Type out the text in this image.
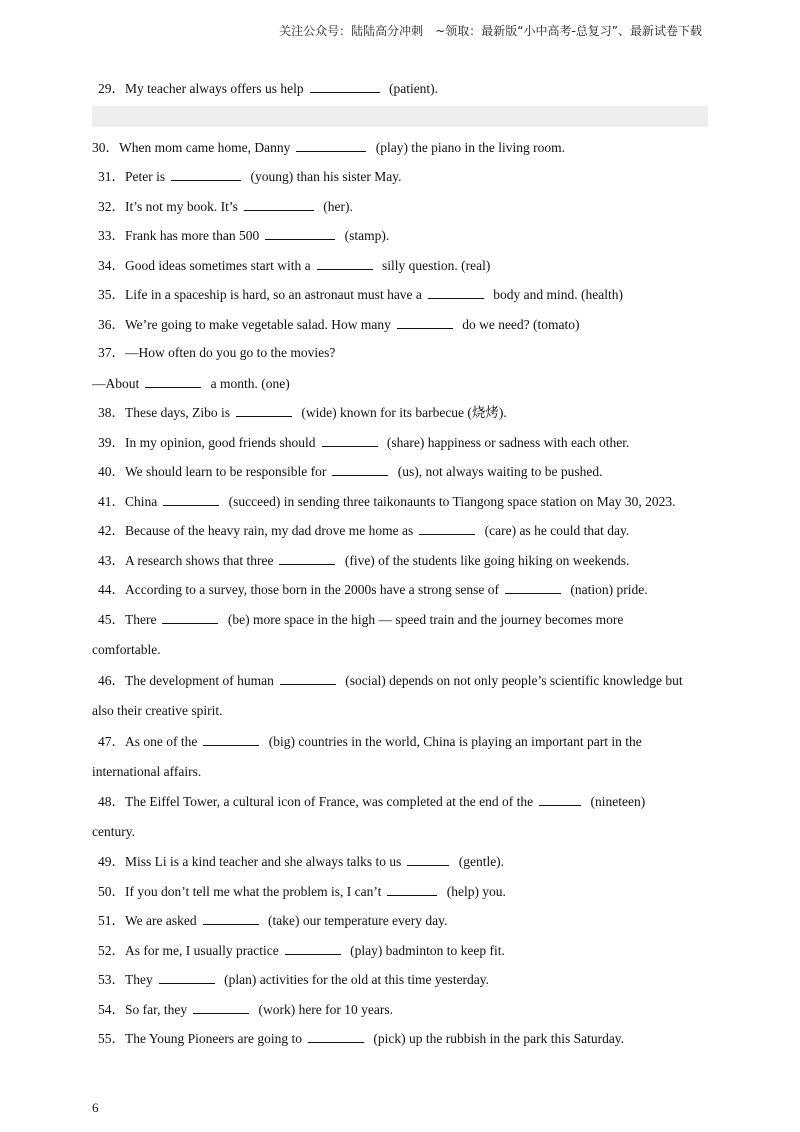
关注公众号：陆陆高分冲刺　~领取：最新版“小中高考-总复习”、最新试卷下载
29．My teacher always offers us help	(patient).
30．When mom came home, Danny	(play) the piano in the living room.
31．Peter is	(young) than his sister May.
32．It’s not my book. It’s	(her).
33．Frank has more than 500	(stamp).
34．Good ideas sometimes start with a	silly question. (real)
35．Life in a spaceship is hard, so an astronaut must have a	body and mind. (health)
36．We’re going to make vegetable salad. How many	do we need? (tomato)
37．—How often do you go to the movies?
—About	a month. (one)
38．These days, Zibo is	(wide) known for its barbecue (烧烤).
39．In my opinion, good friends should	(share) happiness or sadness with each other.
40．We should learn to be responsible for	(us), not always waiting to be pushed.
41．China	(succeed) in sending three taikonaunts to Tiangong space station on May 30, 2023.
42．Because of the heavy rain, my dad drove me home as	(care) as he could that day.
43．A research shows that three	(five) of the students like going hiking on weekends.
44．According to a survey, those born in the 2000s have a strong sense of	(nation) pride.
45．There	(be) more space in the high — speed train and the journey becomes more
comfortable.
46．The development of human	(social) depends on not only people’s scientific knowledge but
also their creative spirit.
47．As one of the	(big) countries in the world, China is playing an important part in the
international affairs.
48．The Eiffel Tower, a cultural icon of France, was completed at the end of the	(nineteen)
century.
49．Miss Li is a kind teacher and she always talks to us	(gentle).
50．If you don’t tell me what the problem is, I can’t	(help) you.
51．We are asked	(take) our temperature every day.
52．As for me, I usually practice	(play) badminton to keep fit.
53．They	(plan) activities for the old at this time yesterday.
54．So far, they	(work) here for 10 years.
55．The Young Pioneers are going to	(pick) up the rubbish in the park this Saturday.
6
